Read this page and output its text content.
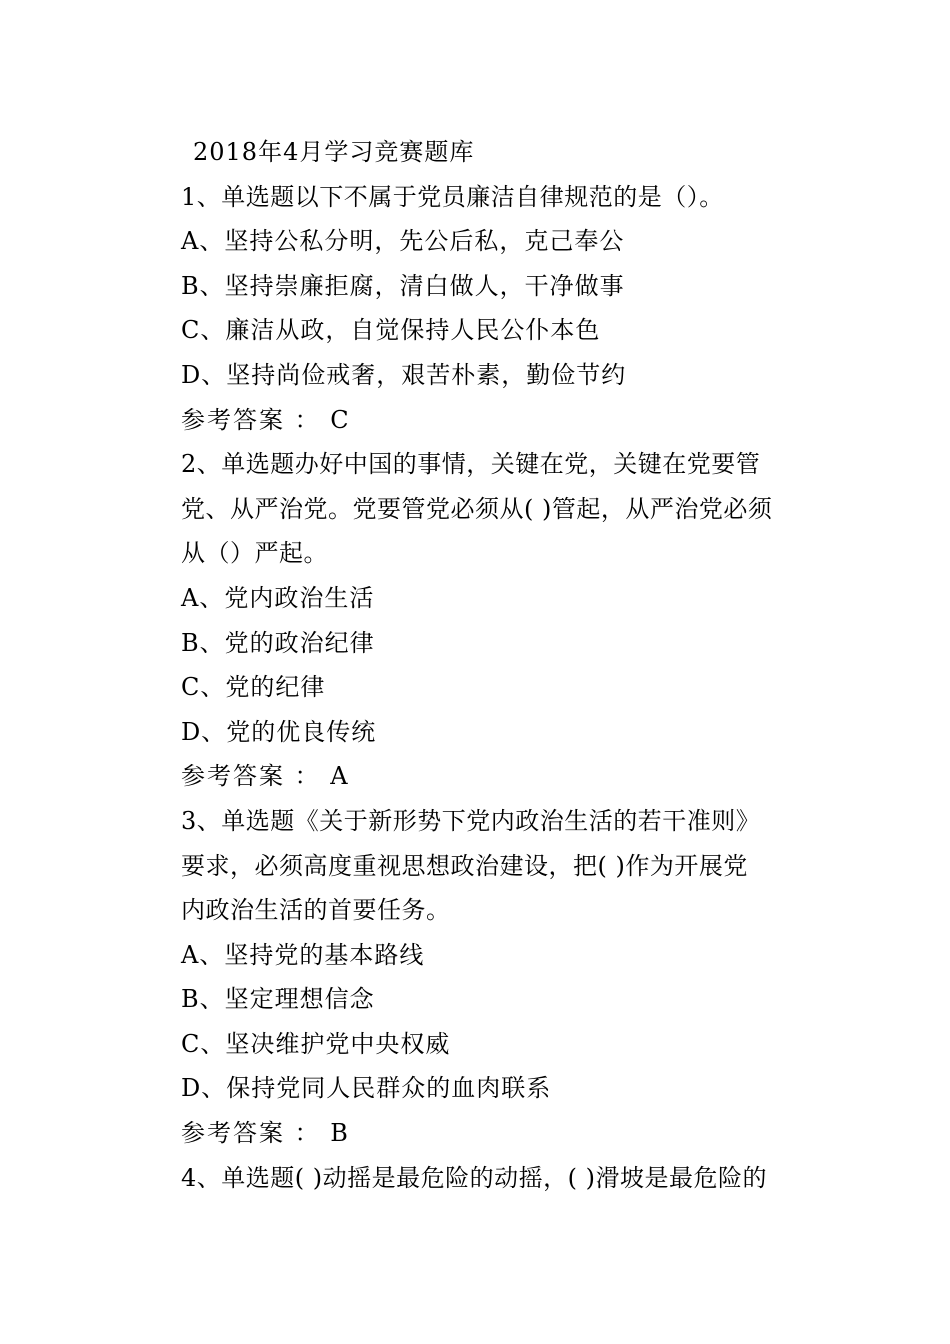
2018年4月学习竞赛题库
1、单选题以下不属于党员廉洁自律规范的是（）。
A、坚持公私分明，先公后私，克己奉公
B、坚持崇廉拒腐，清白做人，干净做事
C、廉洁从政，自觉保持人民公仆本色
D、坚持尚俭戒奢，艰苦朴素，勤俭节约
参考答案 ： C
2、单选题办好中国的事情，关键在党，关键在党要管
党、从严治党。党要管党必须从( )管起，从严治党必须
从（）严起。
A、党内政治生活
B、党的政治纪律
C、党的纪律
D、党的优良传统
参考答案 ： A
3、单选题《关于新形势下党内政治生活的若干准则》
要求，必须高度重视思想政治建设，把( )作为开展党
内政治生活的首要任务。
A、坚持党的基本路线
B、坚定理想信念
C、坚决维护党中央权威
D、保持党同人民群众的血肉联系
参考答案 ： B
4、单选题( )动摇是最危险的动摇，( )滑坡是最危险的
